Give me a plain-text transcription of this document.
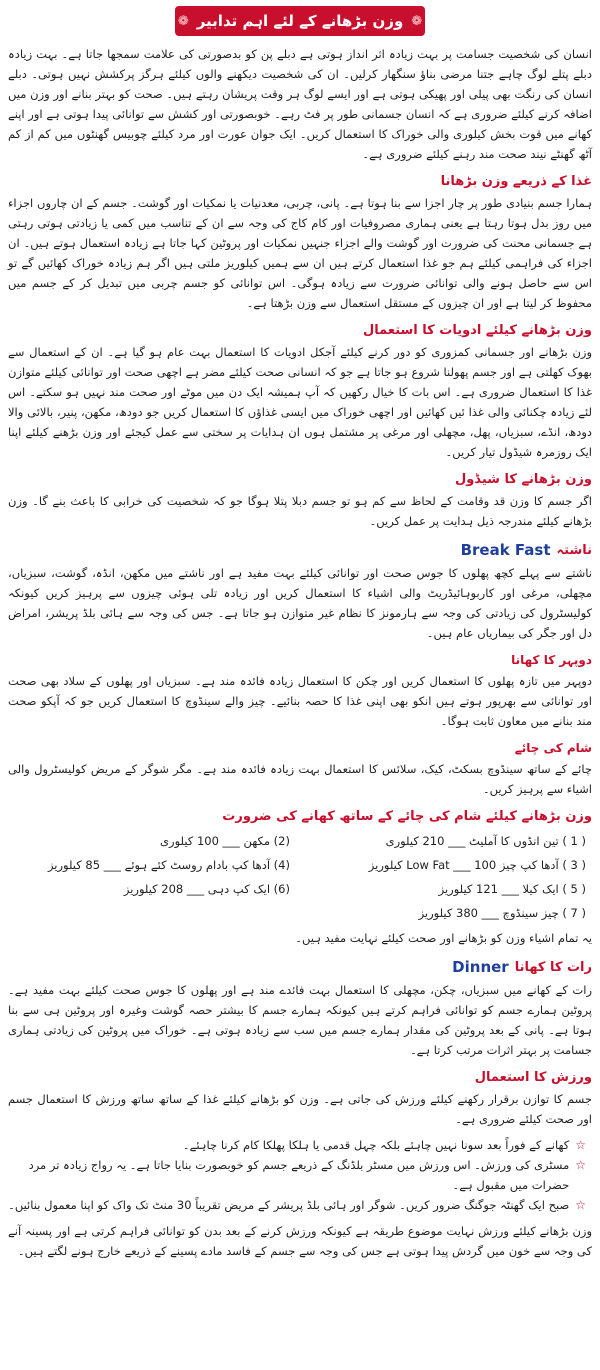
❁
وزن بڑھانے کے لئے اہم تدابیر
❁

انسان کی شخصیت جسامت پر بہت زیادہ اثر انداز ہوتی ہے دبلے پن کو بدصورتی کی علامت سمجھا جاتا ہے۔ بہت زیادہ دبلے پتلے لوگ چاہے جتنا مرضی بناؤ سنگھار کرلیں۔ ان کی شخصیت دیکھنے والوں کیلئے ہرگز پرکشش نہیں ہوتی۔ دبلے انسان کی رنگت بھی پیلی اور پھیکی ہوتی ہے اور ایسے لوگ ہر وقت پریشان رہتے ہیں۔ صحت کو بہتر بنانے اور وزن میں اضافہ کرنے کیلئے ضروری ہے کہ انسان جسمانی طور پر فٹ رہے۔ خوبصورتی اور کشش سے توانائی پیدا ہوتی ہے اور اپنے کھانے میں قوت بخش کیلوری والی خوراک کا استعمال کریں۔ ایک جوان عورت اور مرد کیلئے چوبیس گھنٹوں میں کم از کم آٹھ گھنٹے نیند صحت مند رہنے کیلئے ضروری ہے۔

غذا کے ذریعے وزن بڑھانا

ہمارا جسم بنیادی طور پر چار اجزا سے بنا ہوتا ہے۔ پانی، چربی، معدنیات یا نمکیات اور گوشت۔ جسم کے ان چاروں اجزاء میں روز بدل ہوتا رہتا ہے یعنی ہماری مصروفیات اور کام کاج کی وجہ سے ان کے تناسب میں کمی یا زیادتی ہوتی رہتی ہے جسمانی محنت کی ضرورت اور گوشت والے اجزاء جنہیں نمکیات اور پروٹین کہا جاتا ہے زیادہ استعمال ہوتے ہیں۔ ان اجزاء کی فراہمی کیلئے ہم جو غذا استعمال کرتے ہیں ان سے ہمیں کیلوریز ملتی ہیں اگر ہم زیادہ خوراک کھائیں گے تو اس سے حاصل ہونے والی توانائی ضرورت سے زیادہ ہوگی۔ اس توانائی کو جسم چربی میں تبدیل کر کے جسم میں محفوظ کر لیتا ہے اور ان چیزوں کے مستقل استعمال سے وزن بڑھتا ہے۔

وزن بڑھانے کیلئے ادویات کا استعمال

وزن بڑھانے اور جسمانی کمزوری کو دور کرنے کیلئے آجکل ادویات کا استعمال بہت عام ہو گیا ہے۔ ان کے استعمال سے بھوک کھلتی ہے اور جسم پھولنا شروع ہو جاتا ہے جو کہ انسانی صحت کیلئے مضر ہے اچھی صحت اور توانائی کیلئے متوازن غذا کا استعمال ضروری ہے۔ اس بات کا خیال رکھیں کہ آپ ہمیشہ ایک دن میں موٹے اور صحت مند نہیں ہو سکتے۔ اس لئے زیادہ چکنائی والی غذا ئیں کھائیں اور اچھی خوراک میں ایسی غذاؤں کا استعمال کریں جو دودھ، مکھن، پنیر، بالائی والا دودھ، انڈے، سبزیاں، پھل، مچھلی اور مرغی پر مشتمل ہوں ان ہدایات پر سختی سے عمل کیجئے اور وزن بڑھنے کیلئے اپنا ایک روزمرہ شیڈول تیار کریں۔

وزن بڑھانے کا شیڈول

اگر جسم کا وزن قد وقامت کے لحاظ سے کم ہو تو جسم دبلا پتلا ہوگا جو کہ شخصیت کی خرابی کا باعث بنے گا۔ وزن بڑھانے کیلئے مندرجہ ذیل ہدایت پر عمل کریں۔

ناشتہ
Break Fast

ناشتے سے پہلے کچھ پھلوں کا جوس صحت اور توانائی کیلئے بہت مفید ہے اور ناشتے میں مکھن، انڈہ، گوشت، سبزیاں، مچھلی، مرغی اور کاربوہائیڈریٹ والی اشیاء کا استعمال کریں اور زیادہ تلی ہوئی چیزوں سے پرہیز کریں کیونکہ کولیسٹرول کی زیادتی کی وجہ سے ہارمونز کا نظام غیر متوازن ہو جاتا ہے۔ جس کی وجہ سے ہائی بلڈ پریشر، امراض دل اور جگر کی بیماریاں عام ہیں۔

دوپہر کا کھانا

دوپہر میں تازہ پھلوں کا استعمال کریں اور چکن کا استعمال زیادہ فائدہ مند ہے۔ سبزیاں اور پھلوں کے سلاد بھی صحت اور توانائی سے بھرپور ہوتے ہیں انکو بھی اپنی غذا کا حصہ بنائیے۔ چیز والے سینڈوچ کا استعمال کریں جو کہ آپکو صحت مند بنانے میں معاون ثابت ہوگا۔

شام کی چائے

چائے کے ساتھ سینڈوچ بسکٹ، کیک، سلائس کا استعمال بہت زیادہ فائدہ مند ہے۔ مگر شوگر کے مریض کولیسٹرول والی اشیاء سے پرہیز کریں۔

وزن بڑھانے کیلئے شام کی چائے کے ساتھ کھانے کی ضرورت
( 1 ) تین انڈوں کا آملیٹ ___ 210 کیلوری
(2) مکھن ___ 100 کیلوری
( 3 ) آدھا کپ چیز Low Fat ___ 100 کیلوریز
(4) آدھا کپ بادام روسٹ کئے ہوئے ___ 85 کیلوریز
( 5 ) ایک کیلا ___ 121 کیلوریز
(6) ایک کپ دہی ___ 208 کیلوریز
( 7 ) چیز سینڈوچ ___ 380 کیلوریز

یہ تمام اشیاء وزن کو بڑھانے اور صحت کیلئے نہایت مفید ہیں۔

رات کا کھانا
Dinner

رات کے کھانے میں سبزیاں، چکن، مچھلی کا استعمال بہت فائدے مند ہے اور پھلوں کا جوس صحت کیلئے بہت مفید ہے۔ پروٹین ہمارے جسم کو توانائی فراہم کرتے ہیں کیونکہ ہمارے جسم کا بیشتر حصہ گوشت وغیرہ اور پروٹین ہی سے بنا ہوتا ہے۔ پانی کے بعد پروٹین کی مقدار ہمارے جسم میں سب سے زیادہ ہوتی ہے۔ خوراک میں پروٹین کی زیادتی ہماری جسامت پر بہتر اثرات مرتب کرتا ہے۔

ورزش کا استعمال

جسم کا توازن برقرار رکھنے کیلئے ورزش کی جاتی ہے۔ وزن کو بڑھانے کیلئے غذا کے ساتھ ساتھ ورزش کا استعمال جسم اور صحت کیلئے ضروری ہے۔

☆
کھانے کے فوراً بعد سونا نہیں چاہئے بلکہ چہل قدمی یا ہلکا پھلکا کام کرنا چاہئے۔
☆
مسٹری کی ورزش۔ اس ورزش میں مسٹر بلڈنگ کے ذریعے جسم کو خوبصورت بنایا جاتا ہے۔ یہ رواج زیادہ تر مرد حضرات میں مقبول ہے۔
☆
صبح ایک گھنٹہ جوگنگ ضرور کریں۔ شوگر اور ہائی بلڈ پریشر کے مریض تقریباً 30 منٹ تک واک کو اپنا معمول بنائیں۔

وزن بڑھانے کیلئے ورزش نہایت موضوع طریقہ ہے کیونکہ ورزش کرنے کے بعد بدن کو توانائی فراہم کرتی ہے اور پسینہ آنے کی وجہ سے خون میں گردش پیدا ہوتی ہے جس کی وجہ سے جسم کے فاسد مادے پسینے کے ذریعے خارج ہونے لگتے ہیں۔
